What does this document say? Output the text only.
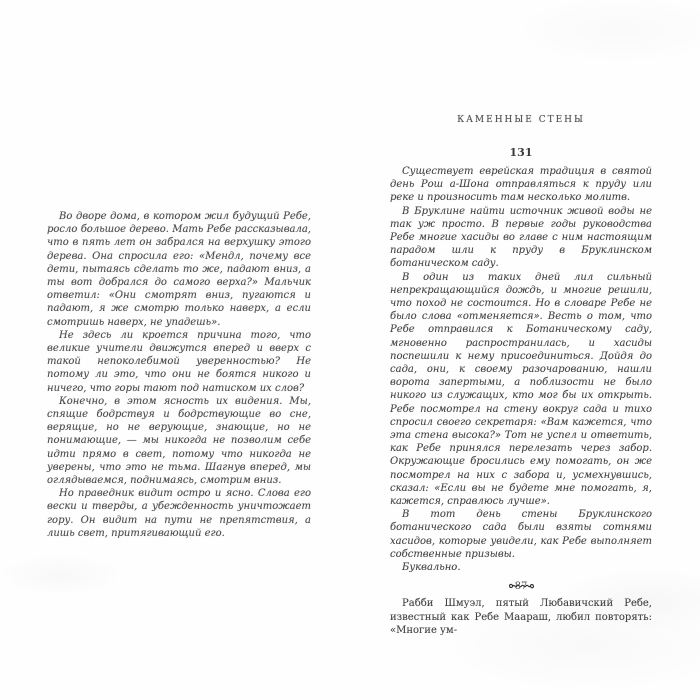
Во дворе дома, в котором жил будущий Ребе, росло большое дерево. Мать Ребе рассказывала, что в пять лет он забрался на верхушку этого дерева. Она спросила его: «Мендл, почему все дети, пытаясь сделать то же, падают вниз, а ты вот добрался до самого верха?» Мальчик ответил: «Они смотрят вниз, пугаются и падают, я же смотрю только наверх, а если смотришь наверх, не упадешь».

Не здесь ли кроется причина того, что великие учители движутся вперед и вверх с такой непоколебимой уверенностью? Не потому ли это, что они не боятся никого и ничего, что горы тают под натиском их слов?

Конечно, в этом ясность их видения. Мы, спящие бодрствуя и бодрствующие во сне, верящие, но не верующие, знающие, но не понимающие, — мы никогда не позволим себе идти прямо в свет, потому что никогда не уверены, что это не тьма. Шагнув вперед, мы оглядываемся, поднимаясь, смотрим вниз.

Но праведник видит остро и ясно. Слова его вески и тверды, а убежденность уничтожает гору. Он видит на пути не препятствия, а лишь свет, притягивающий его.

КАМЕННЫЕ СТЕНЫ
131

Существует еврейская традиция в святой день Рош а-Шона отправляться к пруду или реке и произносить там несколько молитв.

В Бруклине найти источник живой воды не так уж просто. В первые годы руководства Ребе многие хасиды во главе с ним настоящим парадом шли к пруду в Бруклинском ботаническом саду.

В один из таких дней лил сильный непрекращающийся дождь, и многие решили, что поход не состоится. Но в словаре Ребе не было слова «отменяется». Весть о том, что Ребе отправился к Ботаническому саду, мгновенно распространилась, и хасиды поспешили к нему присоединиться. Дойдя до сада, они, к своему разочарованию, нашли ворота запертыми, а поблизости не было никого из служащих, кто мог бы их открыть. Ребе посмотрел на стену вокруг сада и тихо спросил своего секретаря: «Вам кажется, что эта стена высока?» Тот не успел и ответить, как Ребе принялся перелезать через забор. Окружающие бросились ему помогать, он же посмотрел на них с забора и, усмехнувшись, сказал: «Если вы не будете мне помогать, я, кажется, справлюсь лучше».

В тот день стены Бруклинского ботанического сада были взяты сотнями хасидов, которые увидели, как Ребе выполняет собственные призывы.

Буквально.

Рабби Шмуэл, пятый Любавичский Ребе, известный как Ребе Маараш, любил повторять: «Многие ум-

87
